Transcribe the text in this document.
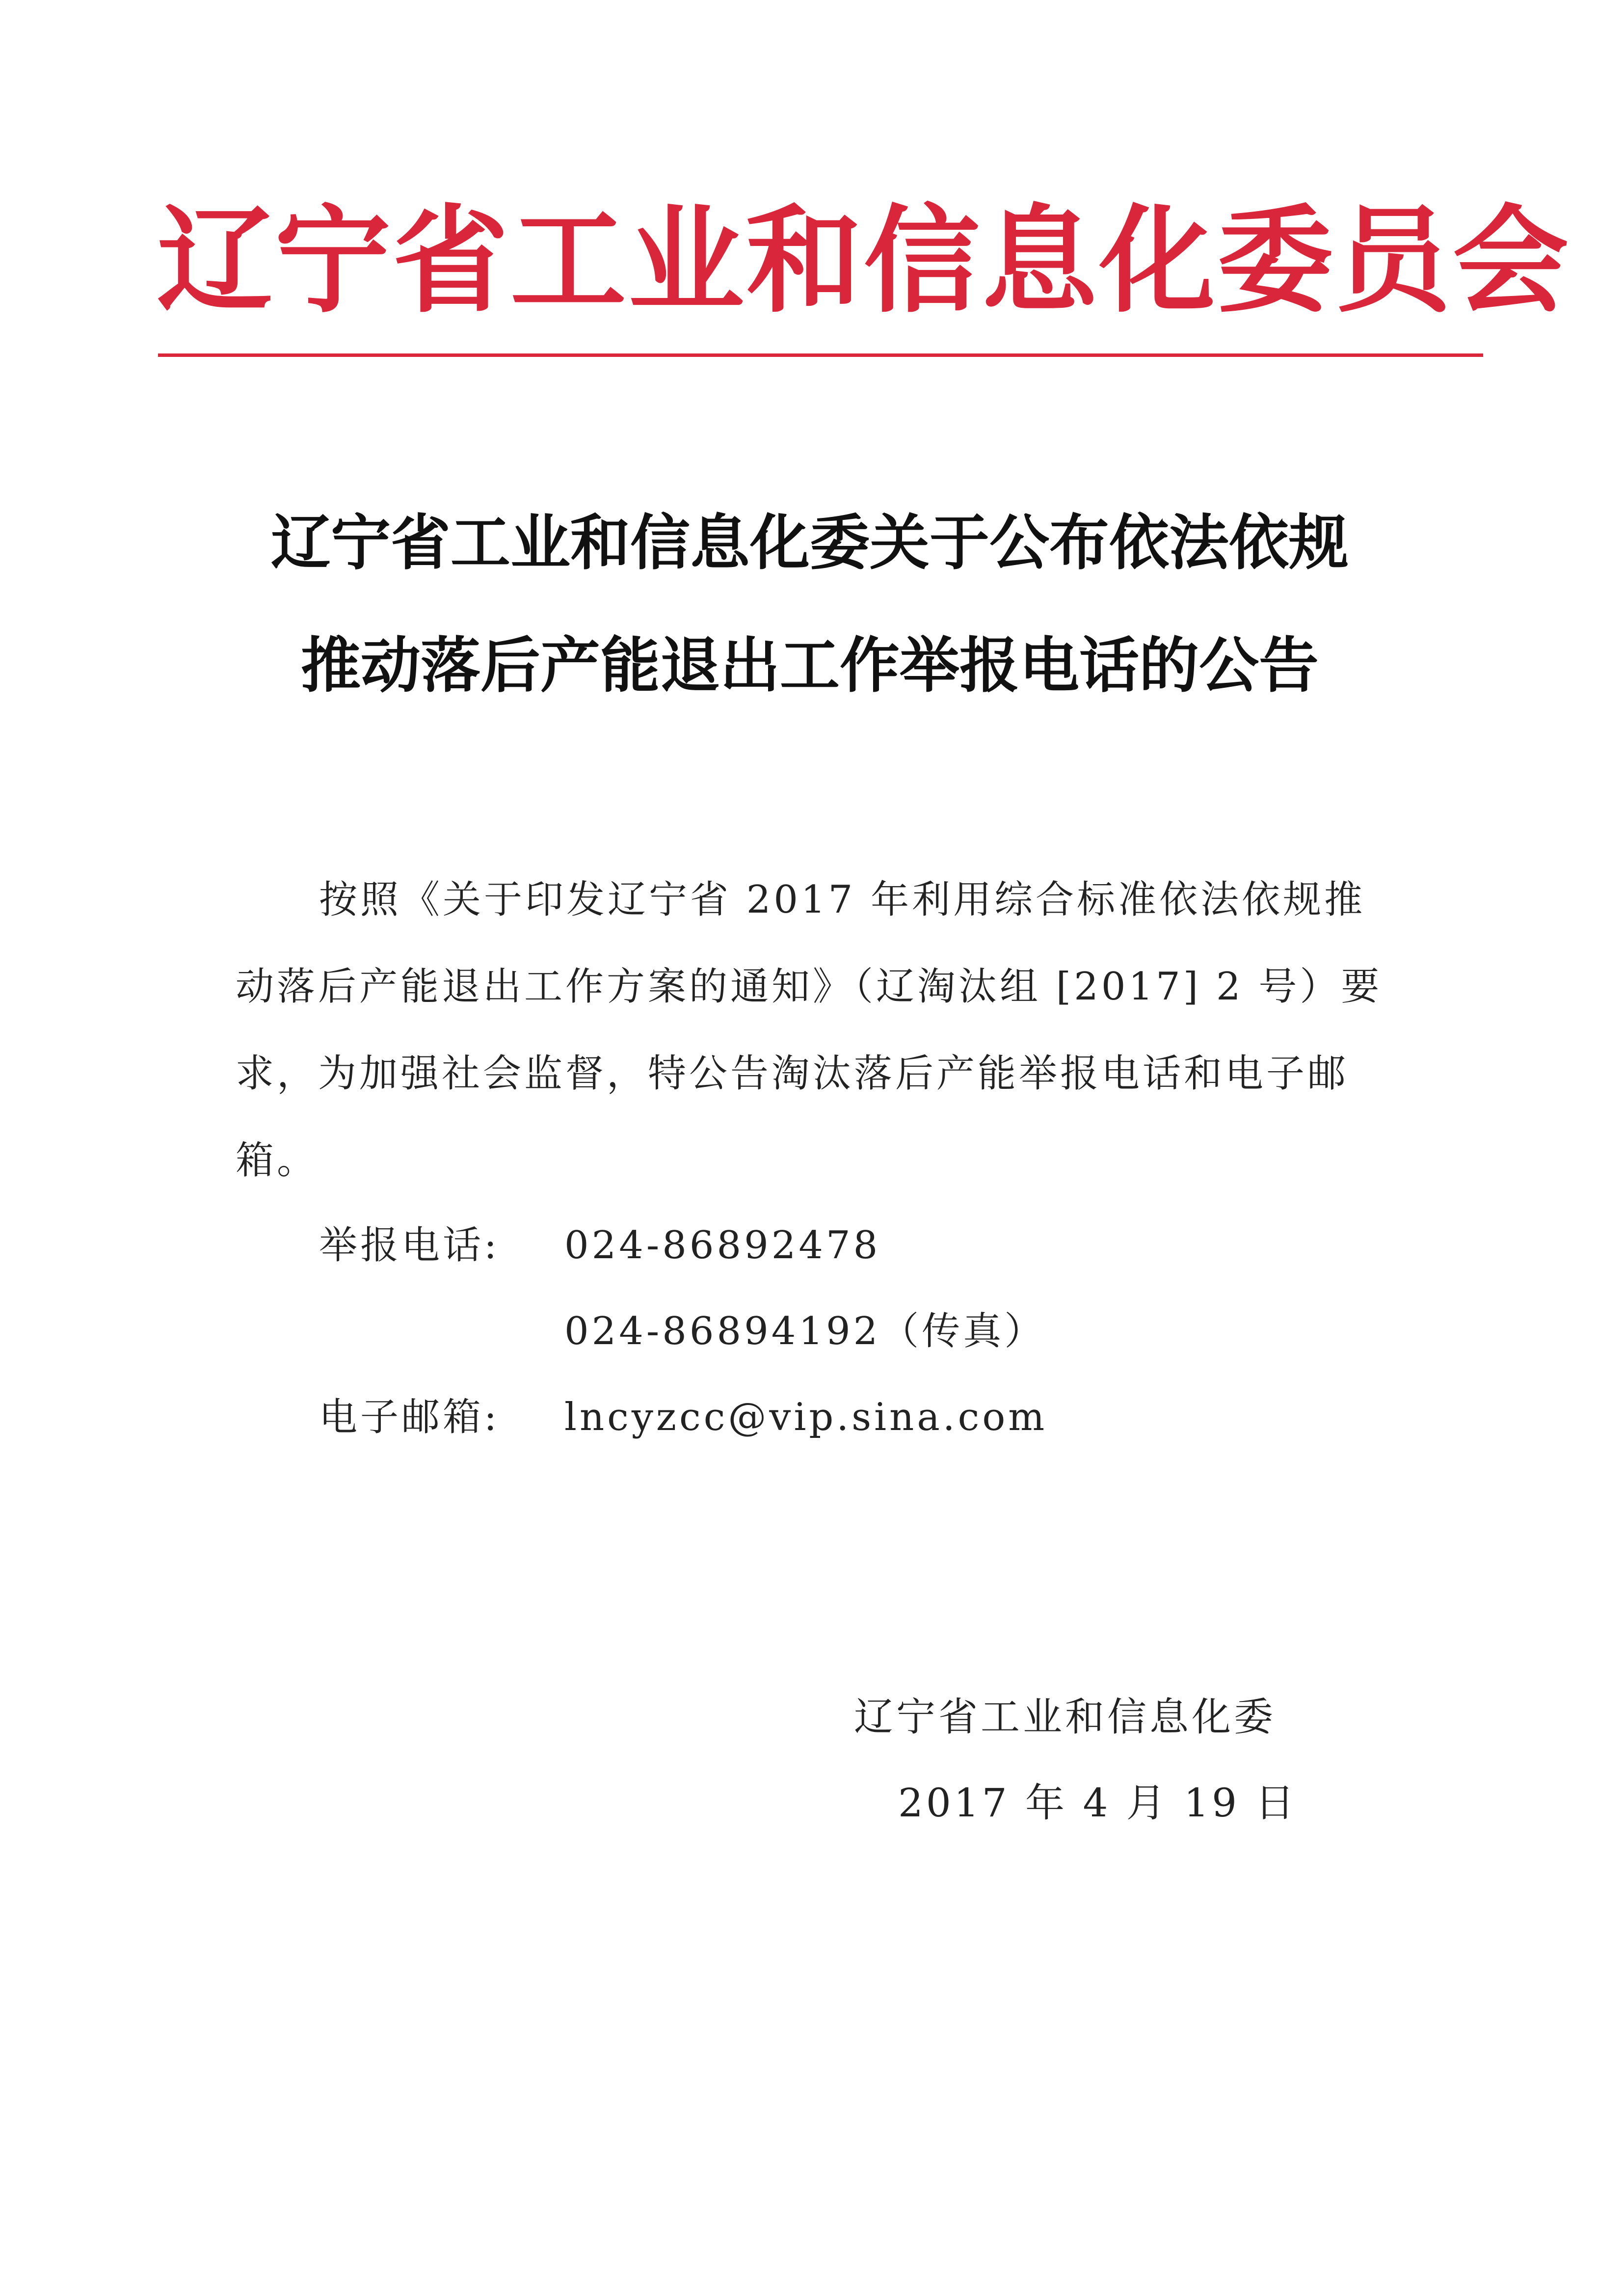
辽宁省工业和信息化委员会
辽宁省工业和信息化委关于公布依法依规
推动落后产能退出工作举报电话的公告

按照《关于印发辽宁省 2017 年利用综合标准依法依规推动落后产能退出工作方案的通知》（辽淘汰组 [2017] 2 号）要求，为加强社会监督，特公告淘汰落后产能举报电话和电子邮箱。

举报电话:	024-86892478
024-86894192（传真）
电子邮箱:	lncyzcc@vip.sina.com
辽宁省工业和信息化委
2017 年 4 月 19 日
